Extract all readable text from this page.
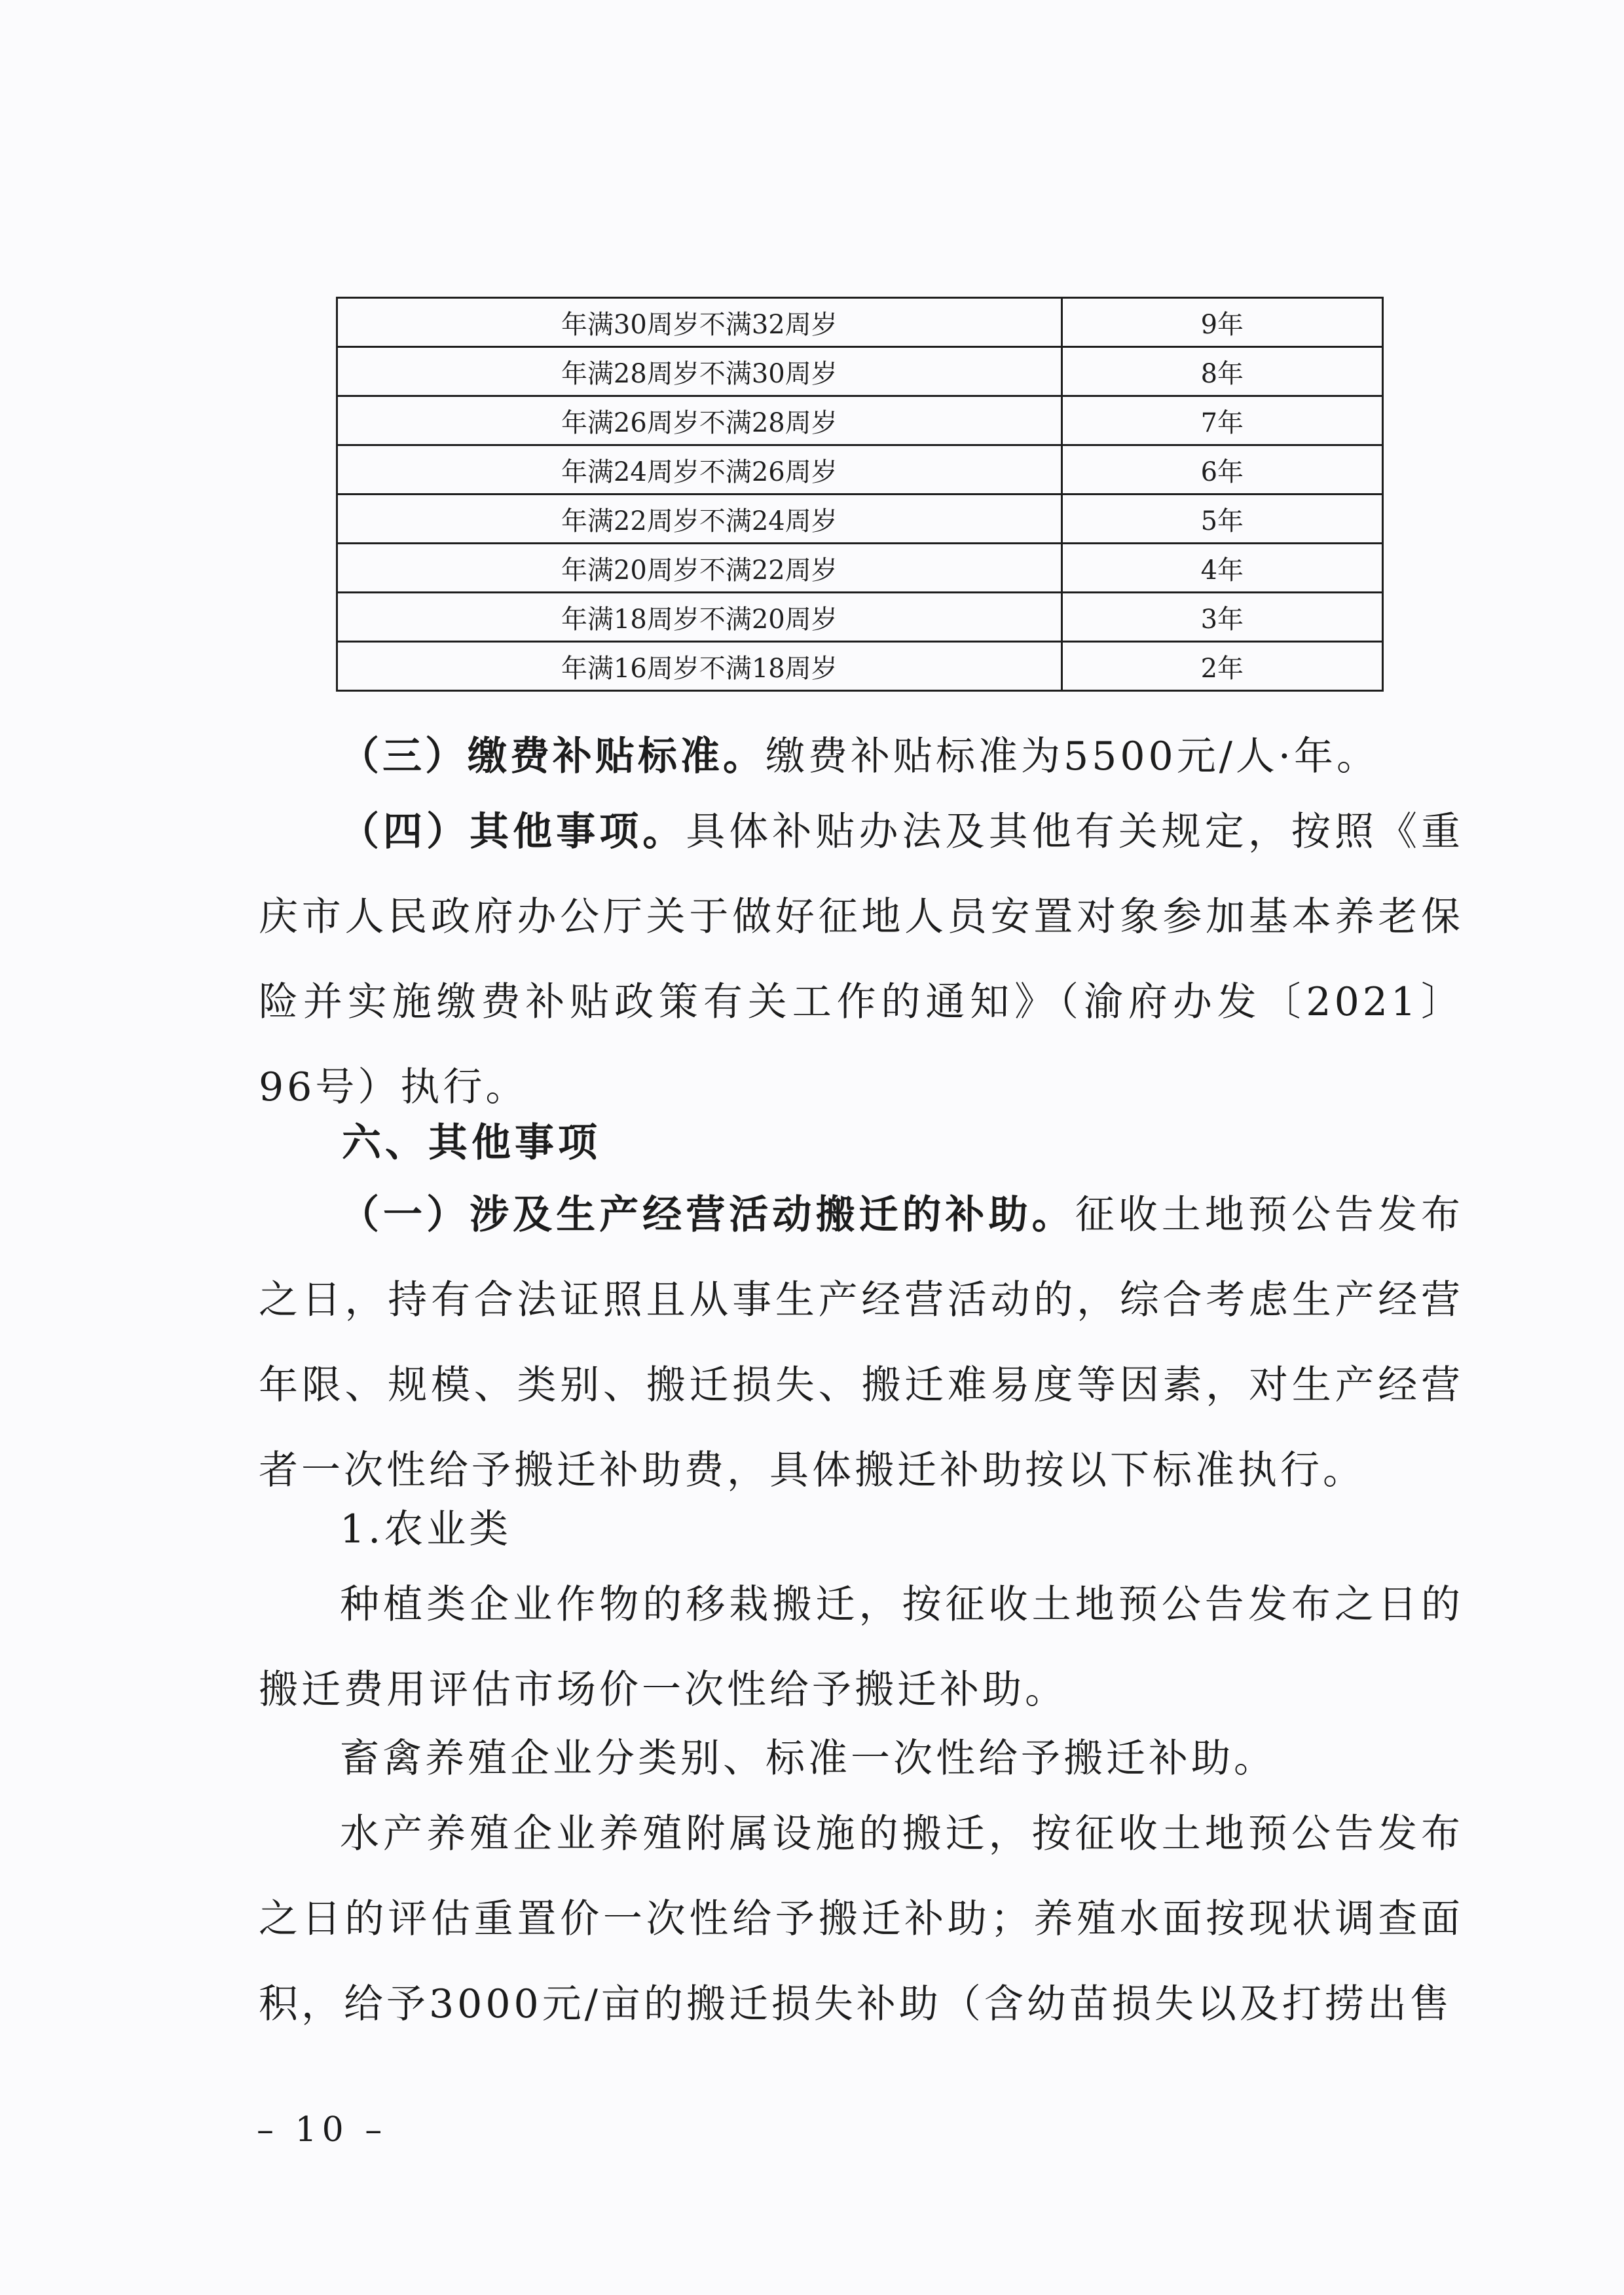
年满30周岁不满32周岁	9年
年满28周岁不满30周岁	8年
年满26周岁不满28周岁	7年
年满24周岁不满26周岁	6年
年满22周岁不满24周岁	5年
年满20周岁不满22周岁	4年
年满18周岁不满20周岁	3年
年满16周岁不满18周岁	2年

（三）缴费补贴标准。缴费补贴标准为5500元/人·年。

（四）其他事项。具体补贴办法及其他有关规定，按照《重庆市人民政府办公厅关于做好征地人员安置对象参加基本养老保险并实施缴费补贴政策有关工作的通知》（渝府办发〔2021〕96号）执行。

六、其他事项

（一）涉及生产经营活动搬迁的补助。征收土地预公告发布之日，持有合法证照且从事生产经营活动的，综合考虑生产经营年限、规模、类别、搬迁损失、搬迁难易度等因素，对生产经营者一次性给予搬迁补助费，具体搬迁补助按以下标准执行。

1.农业类

种植类企业作物的移栽搬迁，按征收土地预公告发布之日的搬迁费用评估市场价一次性给予搬迁补助。

畜禽养殖企业分类别、标准一次性给予搬迁补助。

水产养殖企业养殖附属设施的搬迁，按征收土地预公告发布之日的评估重置价一次性给予搬迁补助；养殖水面按现状调查面积，给予3000元/亩的搬迁损失补助（含幼苗损失以及打捞出售

– 10 –
